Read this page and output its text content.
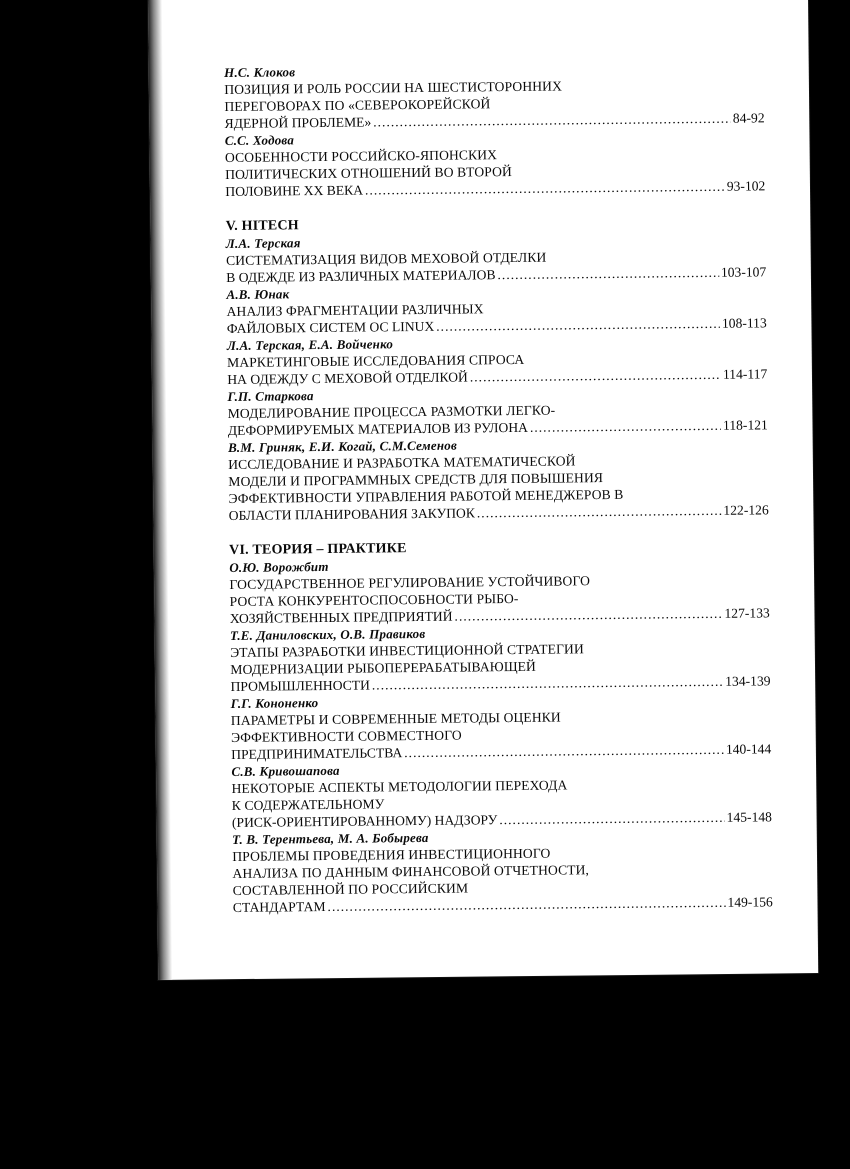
Н.С. Клоков
ПОЗИЦИЯ И РОЛЬ РОССИИ НА ШЕСТИСТОРОННИХ
ПЕРЕГОВОРАХ ПО «СЕВЕРОКОРЕЙСКОЙ
ЯДЕРНОЙ ПРОБЛЕМЕ» .....	84-92
С.С. Ходова
ОСОБЕННОСТИ РОССИЙСКО-ЯПОНСКИХ
ПОЛИТИЧЕСКИХ ОТНОШЕНИЙ ВО ВТОРОЙ
ПОЛОВИНЕ XX ВЕКА .....	93-102
V. HITECH
Л.А. Терская
СИСТЕМАТИЗАЦИЯ ВИДОВ МЕХОВОЙ ОТДЕЛКИ
В ОДЕЖДЕ ИЗ РАЗЛИЧНЫХ МАТЕРИАЛОВ .....	103-107
А.В. Юнак
АНАЛИЗ ФРАГМЕНТАЦИИ РАЗЛИЧНЫХ
ФАЙЛОВЫХ СИСТЕМ ОС LINUX .....	108-113
Л.А. Терская, Е.А. Войченко
МАРКЕТИНГОВЫЕ ИССЛЕДОВАНИЯ СПРОСА
НА ОДЕЖДУ С МЕХОВОЙ ОТДЕЛКОЙ .....	114-117
Г.П. Старкова
МОДЕЛИРОВАНИЕ ПРОЦЕССА РАЗМОТКИ ЛЕГКО-
ДЕФОРМИРУЕМЫХ МАТЕРИАЛОВ ИЗ РУЛОНА .....	118-121
В.М. Гриняк, Е.И. Когай, С.М.Семенов
ИССЛЕДОВАНИЕ И РАЗРАБОТКА МАТЕМАТИЧЕСКОЙ
МОДЕЛИ И ПРОГРАММНЫХ СРЕДСТВ ДЛЯ ПОВЫШЕНИЯ
ЭФФЕКТИВНОСТИ УПРАВЛЕНИЯ РАБОТОЙ МЕНЕДЖЕРОВ В
ОБЛАСТИ ПЛАНИРОВАНИЯ ЗАКУПОК .....	122-126
VI. ТЕОРИЯ – ПРАКТИКЕ
О.Ю. Ворожбит
ГОСУДАРСТВЕННОЕ РЕГУЛИРОВАНИЕ УСТОЙЧИВОГО
РОСТА КОНКУРЕНТОСПОСОБНОСТИ РЫБО-
ХОЗЯЙСТВЕННЫХ ПРЕДПРИЯТИЙ .....	127-133
Т.Е. Даниловских, О.В. Правиков
ЭТАПЫ РАЗРАБОТКИ ИНВЕСТИЦИОННОЙ СТРАТЕГИИ
МОДЕРНИЗАЦИИ РЫБОПЕРЕРАБАТЫВАЮЩЕЙ
ПРОМЫШЛЕННОСТИ .....	134-139
Г.Г. Кононенко
ПАРАМЕТРЫ И СОВРЕМЕННЫЕ МЕТОДЫ ОЦЕНКИ
ЭФФЕКТИВНОСТИ СОВМЕСТНОГО
ПРЕДПРИНИМАТЕЛЬСТВА .....	140-144
С.В. Кривошапова
НЕКОТОРЫЕ АСПЕКТЫ МЕТОДОЛОГИИ ПЕРЕХОДА
К СОДЕРЖАТЕЛЬНОМУ
(РИСК-ОРИЕНТИРОВАННОМУ) НАДЗОРУ .....	145-148
Т. В. Терентьева, М. А. Бобырева
ПРОБЛЕМЫ ПРОВЕДЕНИЯ ИНВЕСТИЦИОННОГО
АНАЛИЗА ПО ДАННЫМ ФИНАНСОВОЙ ОТЧЕТНОСТИ,
СОСТАВЛЕННОЙ ПО РОССИЙСКИМ
СТАНДАРТАМ .....	149-156
